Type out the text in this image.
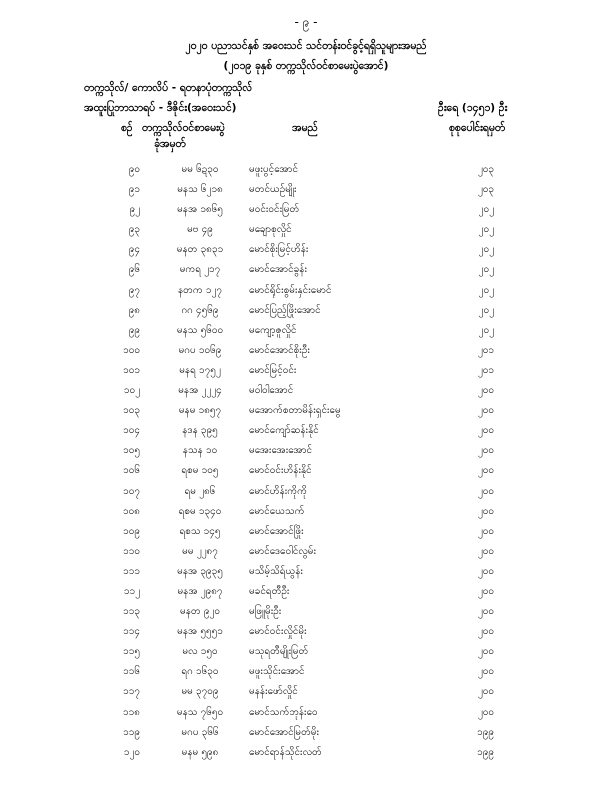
- ၉ -
၂၀၂၀ ပညာသင်နှစ် အဝေးသင် သင်တန်းဝင်ခွင့်ရရှိသူများအမည်
(၂၀၁၉ ခုနှစ် တက္ကသိုလ်ဝင်စာမေးပွဲအောင်)
တက္ကသိုလ်/ ကောလိပ် - ရတနာပုံတက္ကသိုလ်
အထူးပြုဘာသာရပ် - ဒီဇိုင်း(အဝေးသင်)	ဦးရေ (၁၄၅၁) ဦး
စဉ် တက္ကသိုလ်ဝင်စာမေးပွဲ	အမည်	စုစုပေါင်းရမှတ်
ခုံအမှတ်
၉၀	မမ ၆ဍ၃၀	မဖူးပွင့်အောင်	၂၀၃
၉၁	မနသ ၆၂၁၈	မတင်ယဉ်မျိုး	၂၀၃
၉၂	မနအ ၁၈၆၅	မဝင်းဝင်းမြတ်	၂၀၂
၉၃	မဗ ၄၉	မချောစုလှိုင်	၂၀၂
၉၄	မနတ ၃၈၃၁	မောင်စိုးမြင့်ဟိန်း	၂၀၂
၉၆	မကရ ၂၁၇	မောင်အောင်ခွန်း	၂၀၂
၉၇	နတက ၁၂၇	မောင်ရိုင်းစွမ်းနှင်းမောင်	၂၀၂
၉၈	ဂဂ ၄၅၆၉	မောင်ပြည့်ဖြိုးအောင်	၂၀၂
၉၉	မနသ ၅၆၀၀	မကျော့ဇူလှိုင်	၂၀၂
၁၀၀	မဂပ ၁၀၆၉	မောင်အောင်စိုးဦး	၂၀၁
၁၀၁	မနရ ၁၇၅၂	မောင်မြင့်ဝင်း	၂၀၁
၁၀၂	မနအ ၂၂၂၄	မဝါဝါအောင်	၂၀၀
၁၀၃	မနမ ၁၈၅၇	မအောက်စတာမိန်းရှင်းမွေ	၂၀၀
၁၀၄	နဒန ၃၉၅	မောင်ကျော်ဆန်းနိုင်	၂၀၀
၁၀၅	နသန ၁၀	မအေးအေးအောင်	၂၀၀
၁၀၆	ရစမ ၁၀၅	မောင်ဝင်းဟိန်းနိုင်	၂၀၀
၁၀၇	ရမ ၂၈၆	မောင်ဟိန်းကိုကို	၂၀၀
၁၀၈	ရစမ ၁၃၄၀	မောင်ယေသက်	၂၀၀
၁၀၉	ရစသ ၁၄၅	မောင်အောင်ဖြိုး	၂၀၀
၁၁၀	မမ ၂၂၈၇	မောင်ဒေဝေါင်လွမ်း	၂၀၀
၁၁၁	မနအ ၃၉၃၅	မသိမ့်သိရ်ယွန်း	၂၀၀
၁၁၂	မနအ ၂၉၈၇	မခင်ရတီဦး	၂၀၀
၁၁၃	မနတ ၉၂၀	မဖြူမိုးဦး	၂၀၀
၁၁၄	မနအ ၅၅၅၁	မောင်ဝင်းလှိုင်မိုး	၂၀၀
၁၁၅	မလ ၁၅၀	မသုရတီမျိုးမြတ်	၂၀၀
၁၁၆	ရဂ ၁၆၃၀	မဖူးသိုင်းအောင်	၂၀၀
၁၁၇	မမ ၃၇၀၉	မနန်းဖော်လှိုင်	၂၀၀
၁၁၈	မနသ ၇၆၅၀	မောင်သက်ဘုန်းဝေ	၂၀၀
၁၁၉	မဂပ ၃၆၆	မောင်အောင်မြတ်မိုး	၁၉၉
၁၂၀	မနမ ၅၉၈	မောင်ရာန်သိုင်းလတ်	၁၉၉
